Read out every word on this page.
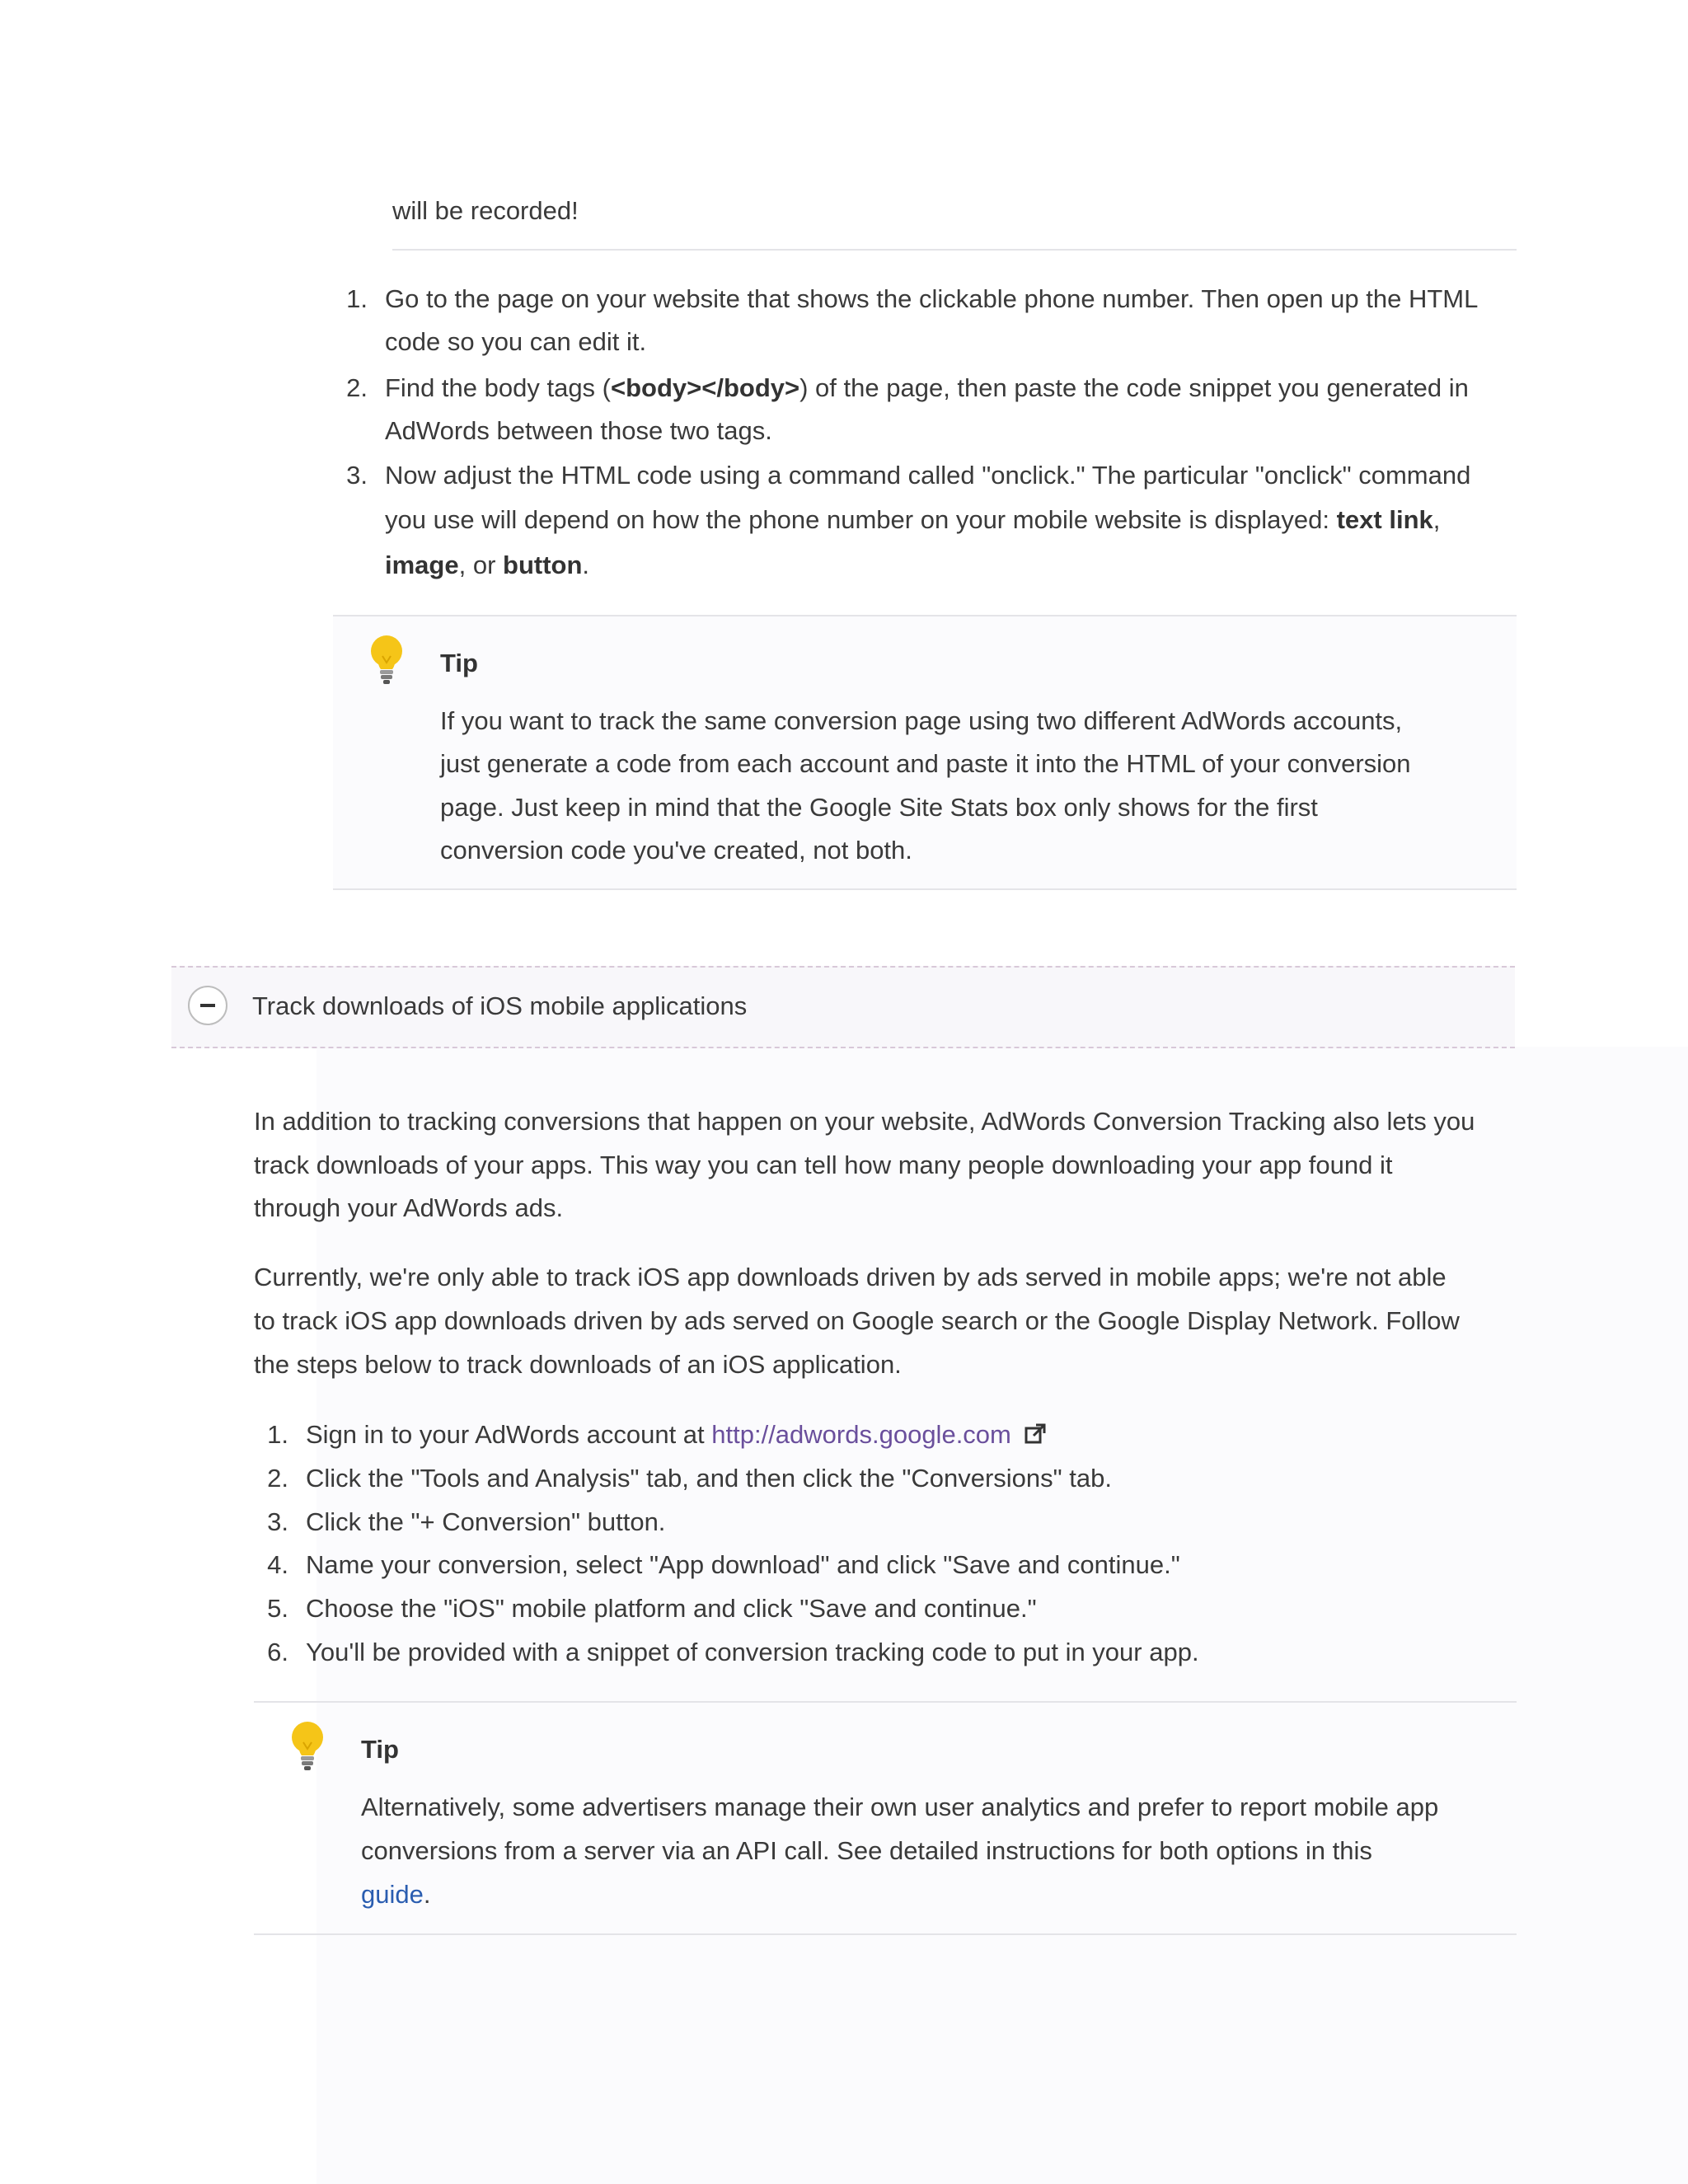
will be recorded!
1. Go to the page on your website that shows the clickable phone number. Then open up the HTML
code so you can edit it.
2. Find the body tags (<body></body>) of the page, then paste the code snippet you generated in
AdWords between those two tags.
3. Now adjust the HTML code using a command called "onclick." The particular "onclick" command
you use will depend on how the phone number on your mobile website is displayed: text link,
image, or button.
Tip
If you want to track the same conversion page using two different AdWords accounts,
just generate a code from each account and paste it into the HTML of your conversion
page. Just keep in mind that the Google Site Stats box only shows for the first
conversion code you've created, not both.
Track downloads of iOS mobile applications
In addition to tracking conversions that happen on your website, AdWords Conversion Tracking also lets you
track downloads of your apps. This way you can tell how many people downloading your app found it
through your AdWords ads.
Currently, we're only able to track iOS app downloads driven by ads served in mobile apps; we're not able
to track iOS app downloads driven by ads served on Google search or the Google Display Network. Follow
the steps below to track downloads of an iOS application.
1. Sign in to your AdWords account at http://adwords.google.com
2. Click the "Tools and Analysis" tab, and then click the "Conversions" tab.
3. Click the "+ Conversion" button.
4. Name your conversion, select "App download" and click "Save and continue."
5. Choose the "iOS" mobile platform and click "Save and continue."
6. You'll be provided with a snippet of conversion tracking code to put in your app.
Tip
Alternatively, some advertisers manage their own user analytics and prefer to report mobile app
conversions from a server via an API call. See detailed instructions for both options in this
guide.
